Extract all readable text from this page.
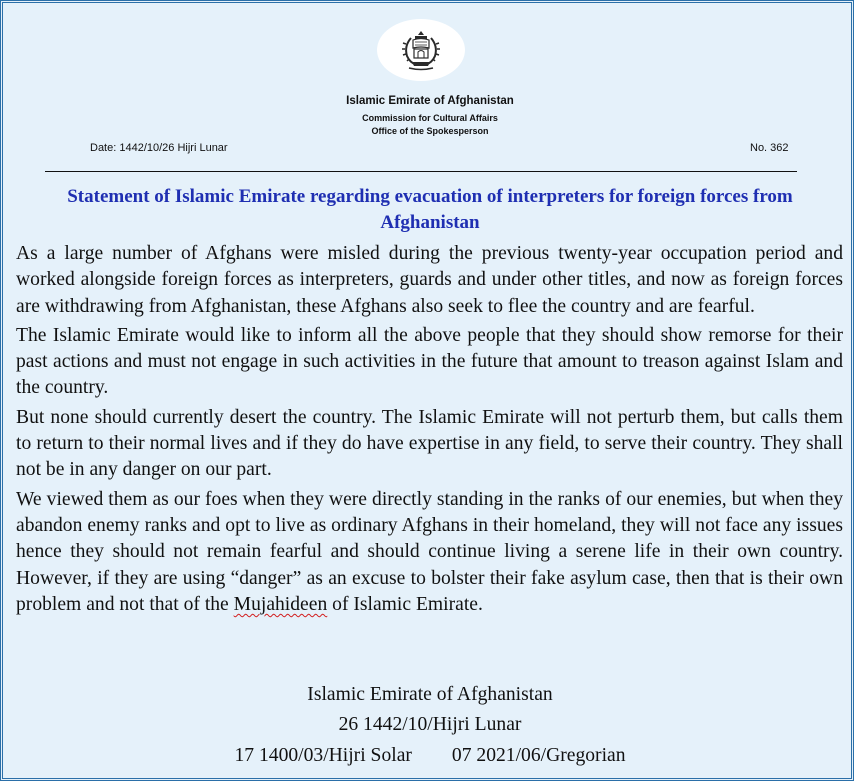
Islamic Emirate of Afghanistan
Commission for Cultural Affairs
Office of the Spokesperson
Date: 1442/10/26 Hijri Lunar	No. 362
Statement of Islamic Emirate regarding evacuation of interpreters for foreign forces from Afghanistan

As a large number of Afghans were misled during the previous twenty-year occupation period and worked alongside foreign forces as interpreters, guards and under other titles, and now as foreign forces are withdrawing from Afghanistan, these Afghans also seek to flee the country and are fearful.

The Islamic Emirate would like to inform all the above people that they should show remorse for their past actions and must not engage in such activities in the future that amount to treason against Islam and the country.

But none should currently desert the country. The Islamic Emirate will not perturb them, but calls them to return to their normal lives and if they do have expertise in any field, to serve their country. They shall not be in any danger on our part.

We viewed them as our foes when they were directly standing in the ranks of our enemies, but when they abandon enemy ranks and opt to live as ordinary Afghans in their homeland, they will not face any issues hence they should not remain fearful and should continue living a serene life in their own country. However, if they are using “danger” as an excuse to bolster their fake asylum case, then that is their own problem and not that of the Mujahideen of Islamic Emirate.

Islamic Emirate of Afghanistan
26 1442/10/Hijri Lunar
17 1400/03/Hijri Solar 07 2021/06/Gregorian
